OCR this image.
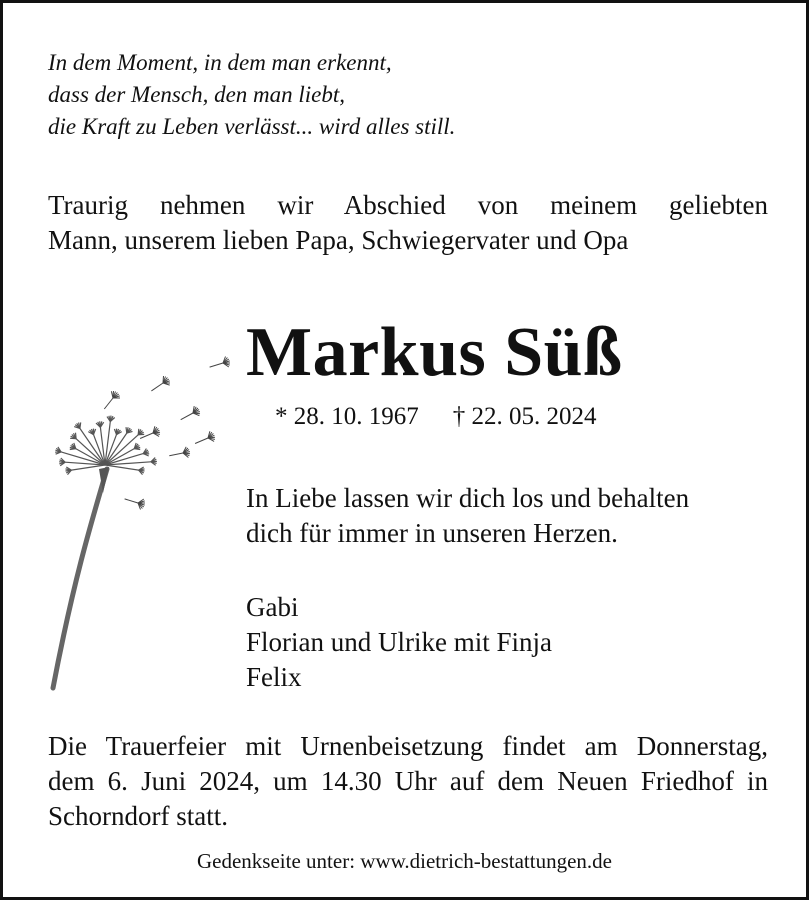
In dem Moment, in dem man erkennt,
dass der Mensch, den man liebt,
die Kraft zu Leben verlässt... wird alles still.
Traurig nehmen wir Abschied von meinem geliebten
Mann, unserem lieben Papa, Schwiegervater und Opa
Markus Süß
* 28. 10. 1967 † 22. 05. 2024
In Liebe lassen wir dich los und behalten
dich für immer in unseren Herzen.
Gabi
Florian und Ulrike mit Finja
Felix
Die Trauerfeier mit Urnenbeisetzung findet am Donnerstag,
dem 6. Juni 2024, um 14.30 Uhr auf dem Neuen Friedhof in
Schorndorf statt.
Gedenkseite unter: www.dietrich-bestattungen.de
